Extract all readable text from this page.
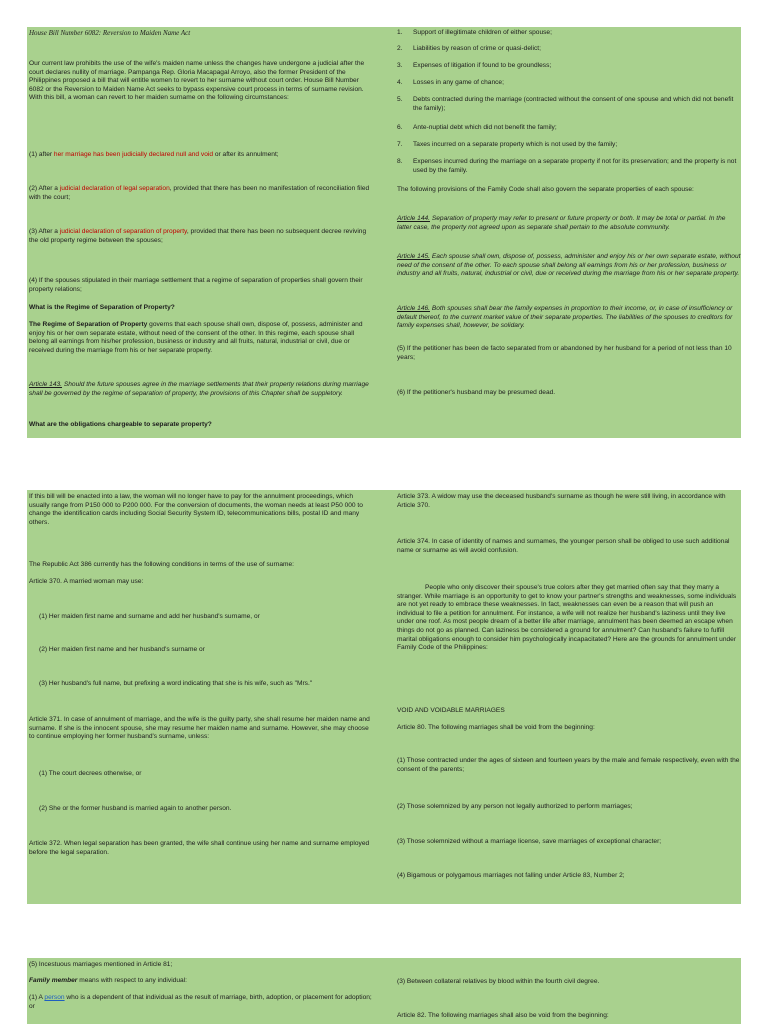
House Bill Number 6082: Reversion to Maiden Name Act

Our current law prohibits the use of the wife's maiden name unless the changes have undergone a judicial after the court declares nullity of marriage. Pampanga Rep. Gloria Macapagal Arroyo, also the former President of the Philippines proposed a bill that will entitle women to revert to her surname without court order. House Bill Number 6082 or the Reversion to Maiden Name Act seeks to bypass expensive court process in terms of surname revision. With this bill, a woman can revert to her maiden surname on the following circumstances:

(1) after her marriage has been judicially declared null and void or after its annulment;

(2) After a judicial declaration of legal separation, provided that there has been no manifestation of reconciliation filed with the court;

(3) After a judicial declaration of separation of property, provided that there has been no subsequent decree reviving the old property regime between the spouses;

(4) If the spouses stipulated in their marriage settlement that a regime of separation of properties shall govern their property relations;

What is the Regime of Separation of Property?

The Regime of Separation of Property governs that each spouse shall own, dispose of, possess, administer and enjoy his or her own separate estate, without need of the consent of the other. In this regime, each spouse shall belong all earnings from his/her profession, business or industry and all fruits, natural, industrial or civil, due or received during the marriage from his or her separate property.

Article 143. Should the future spouses agree in the marriage settlements that their property relations during marriage shall be governed by the regime of separation of property, the provisions of this Chapter shall be suppletory.

What are the obligations chargeable to separate property?

1. Support of illegitimate children of either spouse;
2. Liabilities by reason of crime or quasi-delict;
3. Expenses of litigation if found to be groundless;
4. Losses in any game of chance;
5. Debts contracted during the marriage (contracted without the consent of one spouse and which did not benefit the family);
6. Ante-nuptial debt which did not benefit the family;
7. Taxes incurred on a separate property which is not used by the family;
8. Expenses incurred during the marriage on a separate property if not for its preservation; and the property is not used by the family.

The following provisions of the Family Code shall also govern the separate properties of each spouse:

Article 144. Separation of property may refer to present or future property or both. It may be total or partial. In the latter case, the property not agreed upon as separate shall pertain to the absolute community.

Article 145. Each spouse shall own, dispose of, possess, administer and enjoy his or her own separate estate, without need of the consent of the other. To each spouse shall belong all earnings from his or her profession, business or industry and all fruits, natural, industrial or civil, due or received during the marriage from his or her separate property.

Article 146. Both spouses shall bear the family expenses in proportion to their income, or, in case of insufficiency or default thereof, to the current market value of their separate properties. The liabilities of the spouses to creditors for family expenses shall, however, be solidary.

(5) If the petitioner has been de facto separated from or abandoned by her husband for a period of not less than 10 years;

(6) If the petitioner's husband may be presumed dead.

If this bill will be enacted into a law, the woman will no longer have to pay for the annulment proceedings, which usually range from P150 000 to P200 000. For the conversion of documents, the woman needs at least P50 000 to change the identification cards including Social Security System ID, telecommunications bills, postal ID and many others.

The Republic Act 386 currently has the following conditions in terms of the use of surname:

Article 370. A married woman may use:

(1) Her maiden first name and surname and add her husband's surname, or

(2) Her maiden first name and her husband's surname or

(3) Her husband's full name, but prefixing a word indicating that she is his wife, such as "Mrs."

Article 371. In case of annulment of marriage, and the wife is the guilty party, she shall resume her maiden name and surname. If she is the innocent spouse, she may resume her maiden name and surname. However, she may choose to continue employing her former husband's surname, unless:

(1) The court decrees otherwise, or

(2) She or the former husband is married again to another person.

Article 372. When legal separation has been granted, the wife shall continue using her name and surname employed before the legal separation.

Article 373. A widow may use the deceased husband's surname as though he were still living, in accordance with Article 370.

Article 374. In case of identity of names and surnames, the younger person shall be obliged to use such additional name or surname as will avoid confusion.

People who only discover their spouse's true colors after they get married often say that they marry a stranger. While marriage is an opportunity to get to know your partner's strengths and weaknesses, some individuals are not yet ready to embrace these weaknesses. In fact, weaknesses can even be a reason that will push an individual to file a petition for annulment. For instance, a wife will not realize her husband's laziness until they live under one roof. As most people dream of a better life after marriage, annulment has been deemed an escape when things do not go as planned. Can laziness be considered a ground for annulment? Can husband's failure to fulfill marital obligations enough to consider him psychologically incapacitated? Here are the grounds for annulment under Family Code of the Philippines:

VOID AND VOIDABLE MARRIAGES

Article 80. The following marriages shall be void from the beginning:

(1) Those contracted under the ages of sixteen and fourteen years by the male and female respectively, even with the consent of the parents;

(2) Those solemnized by any person not legally authorized to perform marriages;

(3) Those solemnized without a marriage license, save marriages of exceptional character;

(4) Bigamous or polygamous marriages not falling under Article 83, Number 2;

(5) Incestuous marriages mentioned in Article 81;

Family member means with respect to any individual:

(1) A person who is a dependent of that individual as the result of marriage, birth, adoption, or placement for adoption; or

(3) Between collateral relatives by blood within the fourth civil degree.

Article 82. The following marriages shall also be void from the beginning:
